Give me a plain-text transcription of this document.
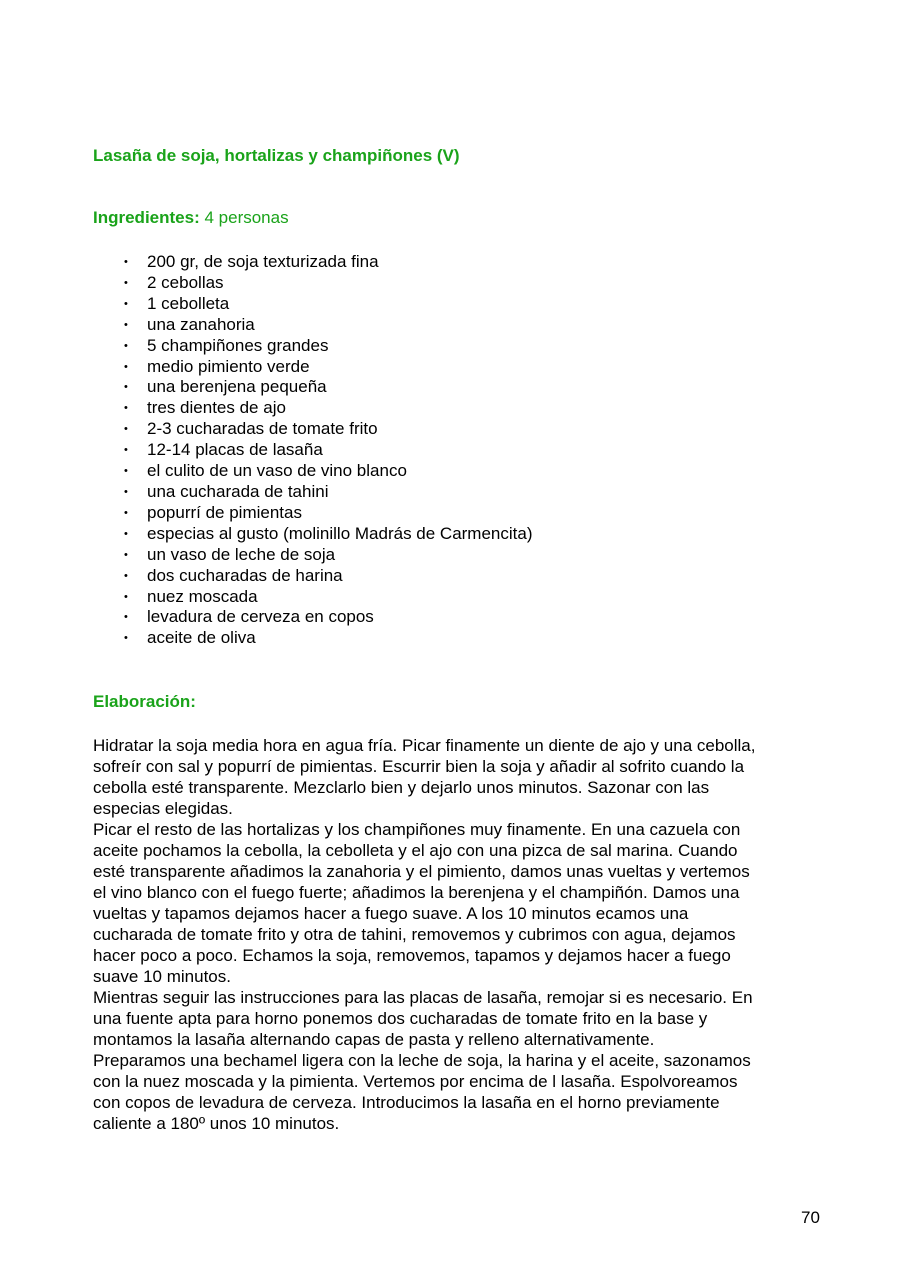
Lasaña de soja, hortalizas y champiñones (V)
Ingredientes: 4 personas
• 200 gr, de soja texturizada fina
• 2 cebollas
• 1 cebolleta
• una zanahoria
• 5 champiñones grandes
• medio pimiento verde
• una berenjena pequeña
• tres dientes de ajo
• 2-3 cucharadas de tomate frito
• 12-14 placas de lasaña
• el culito de un vaso de vino blanco
• una cucharada de tahini
• popurrí de pimientas
• especias al gusto (molinillo Madrás de Carmencita)
• un vaso de leche de soja
• dos cucharadas de harina
• nuez moscada
• levadura de cerveza en copos
• aceite de oliva
Elaboración:
Hidratar la soja media hora en agua fría. Picar finamente un diente de ajo y una cebolla,
sofreír con sal y popurrí de pimientas. Escurrir bien la soja y añadir al sofrito cuando la
cebolla esté transparente. Mezclarlo bien y dejarlo unos minutos. Sazonar con las
especias elegidas.
Picar el resto de las hortalizas y los champiñones muy finamente. En una cazuela con
aceite pochamos la cebolla, la cebolleta y el ajo con una pizca de sal marina. Cuando
esté transparente añadimos la zanahoria y el pimiento, damos unas vueltas y vertemos
el vino blanco con el fuego fuerte; añadimos la berenjena y el champiñón. Damos una
vueltas y tapamos dejamos hacer a fuego suave. A los 10 minutos ecamos una
cucharada de tomate frito y otra de tahini, removemos y cubrimos con agua, dejamos
hacer poco a poco. Echamos la soja, removemos, tapamos y dejamos hacer a fuego
suave 10 minutos.
Mientras seguir las instrucciones para las placas de lasaña, remojar si es necesario. En
una fuente apta para horno ponemos dos cucharadas de tomate frito en la base y
montamos la lasaña alternando capas de pasta y relleno alternativamente.
Preparamos una bechamel ligera con la leche de soja, la harina y el aceite, sazonamos
con la nuez moscada y la pimienta. Vertemos por encima de l lasaña. Espolvoreamos
con copos de levadura de cerveza. Introducimos la lasaña en el horno previamente
caliente a 180º unos 10 minutos.
70
